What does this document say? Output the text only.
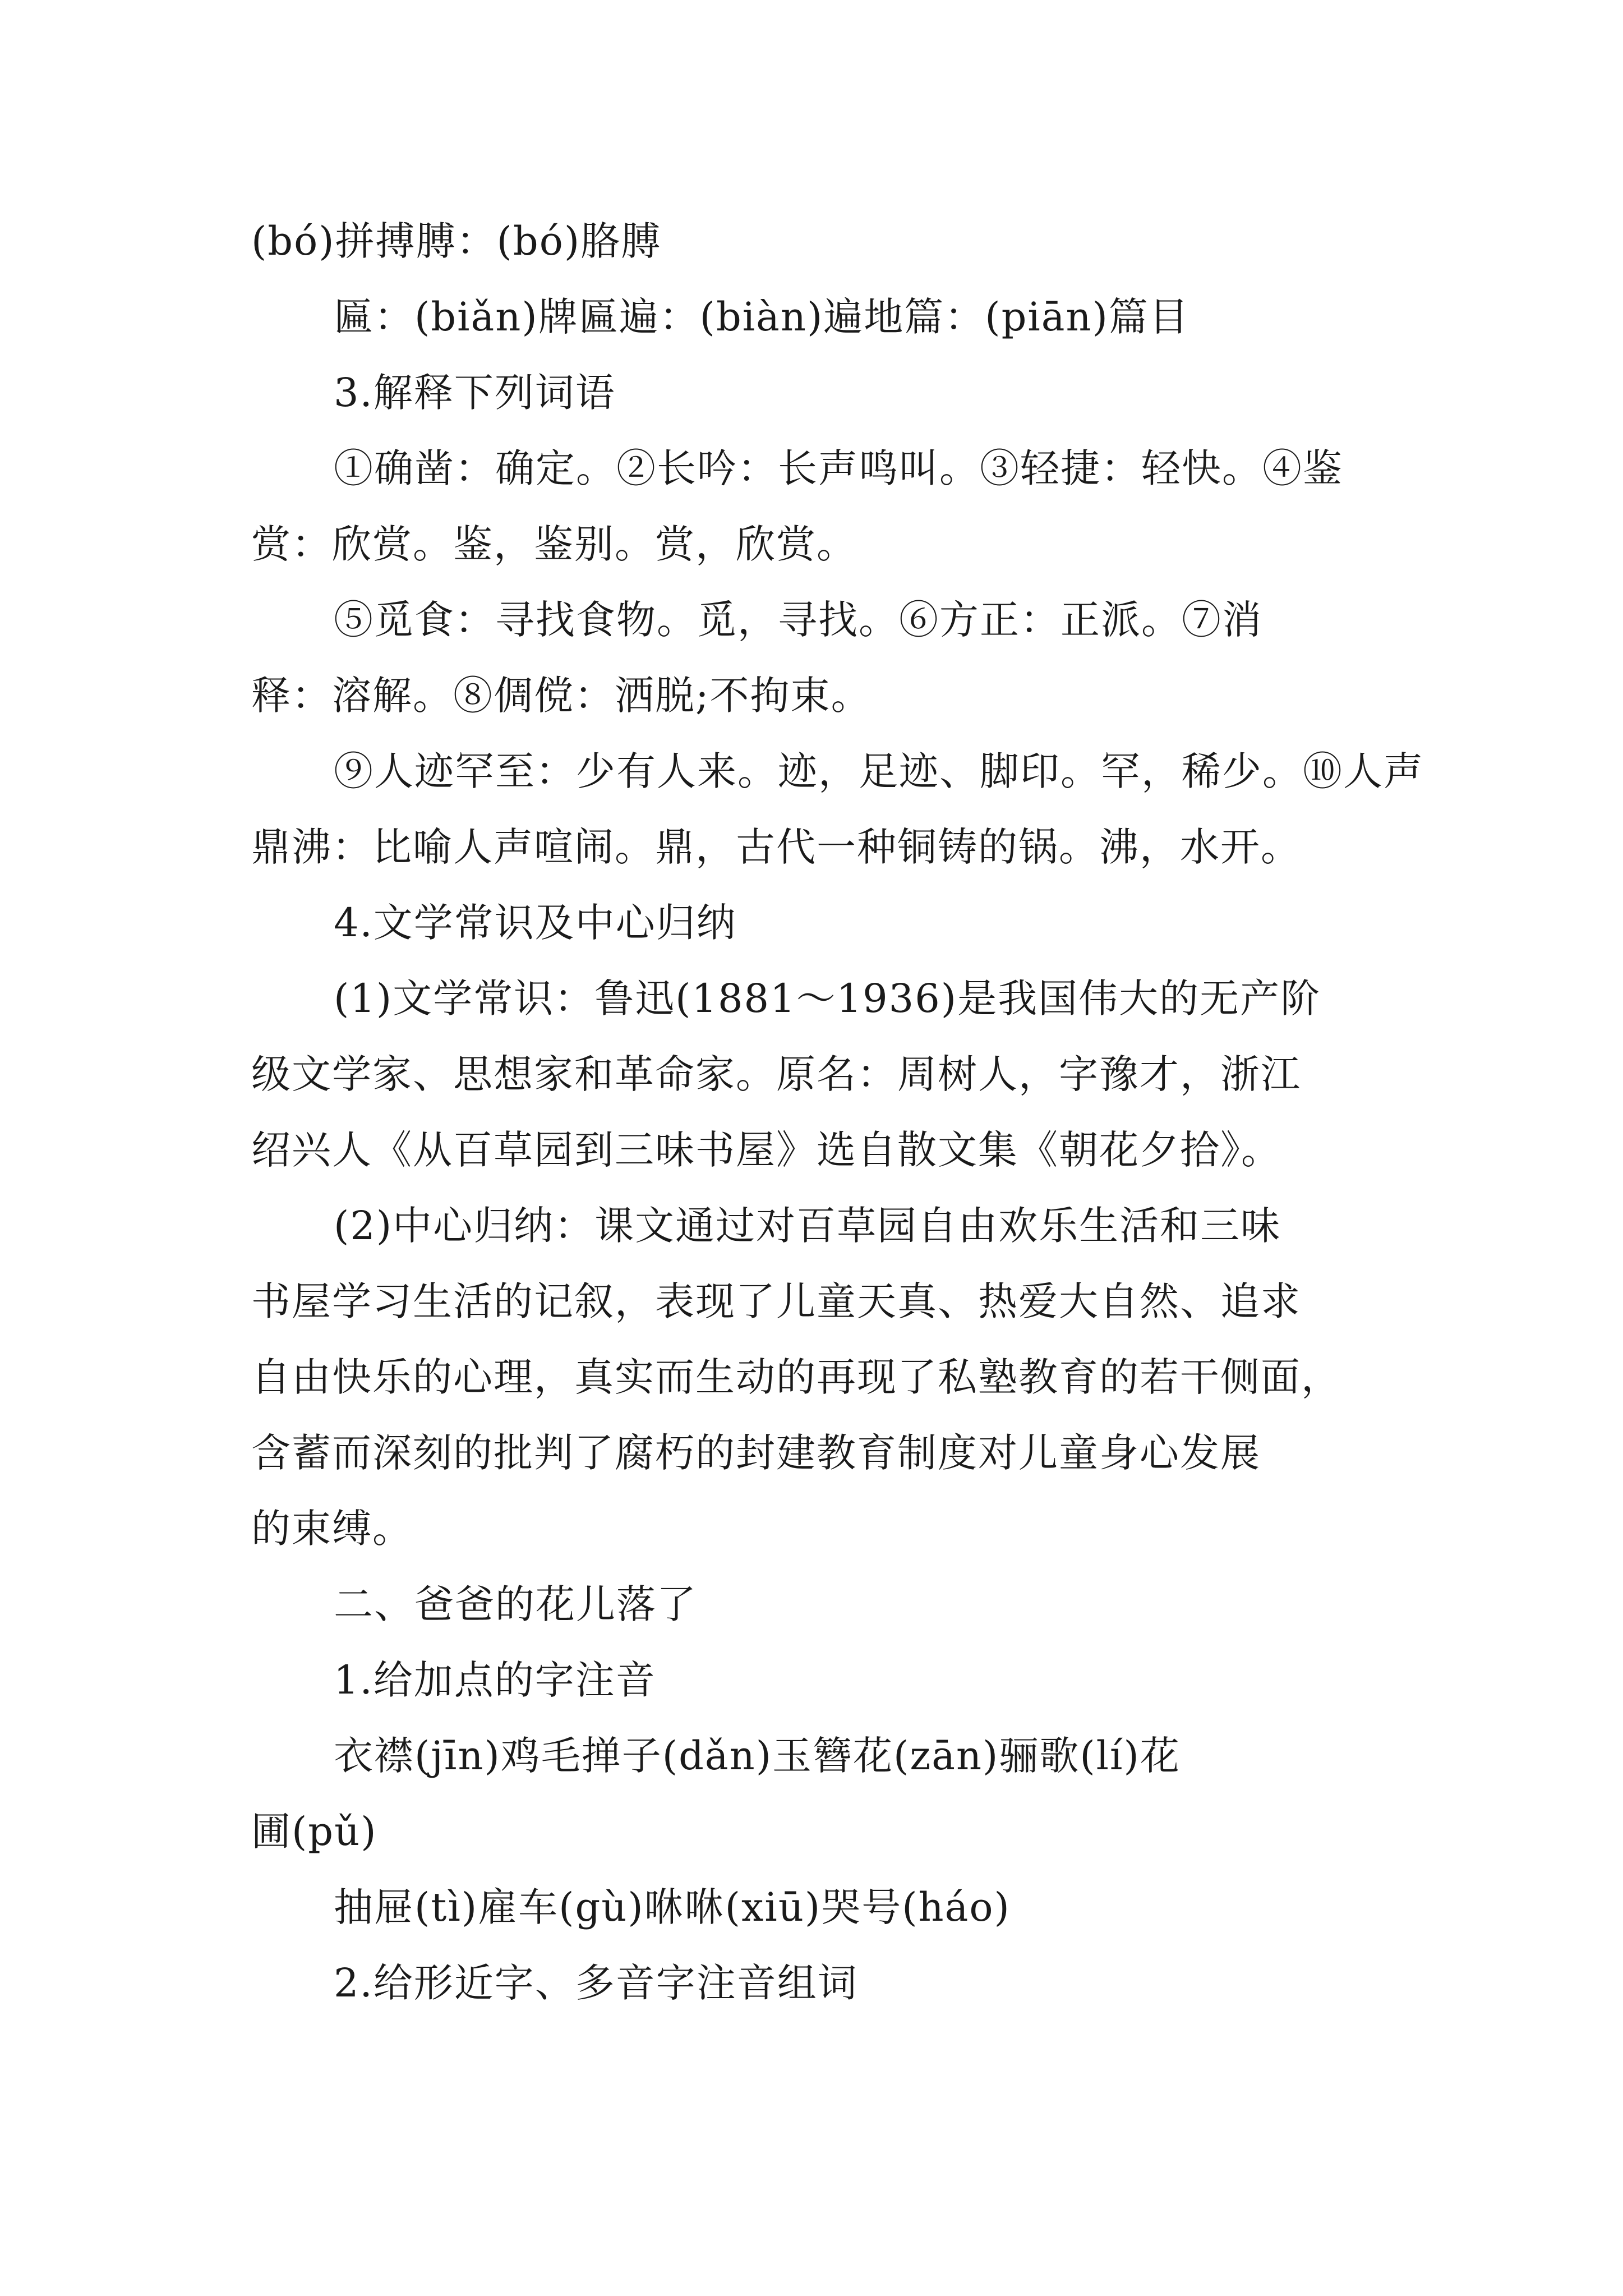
(bó)拼搏膊：(bó)胳膊
匾：(biǎn)牌匾遍：(biàn)遍地篇：(piān)篇目
3.解释下列词语
①确凿：确定。②长吟：长声鸣叫。③轻捷：轻快。④鉴
赏：欣赏。鉴，鉴别。赏，欣赏。
⑤觅食：寻找食物。觅，寻找。⑥方正：正派。⑦消
释：溶解。⑧倜傥：洒脱;不拘束。
⑨人迹罕至：少有人来。迹，足迹、脚印。罕，稀少。⑩人声
鼎沸：比喻人声喧闹。鼎，古代一种铜铸的锅。沸，水开。
4.文学常识及中心归纳
(1)文学常识：鲁迅(1881～1936)是我国伟大的无产阶
级文学家、思想家和革命家。原名：周树人，字豫才，浙江
绍兴人《从百草园到三味书屋》选自散文集《朝花夕拾》。
(2)中心归纳：课文通过对百草园自由欢乐生活和三味
书屋学习生活的记叙，表现了儿童天真、热爱大自然、追求
自由快乐的心理，真实而生动的再现了私塾教育的若干侧面，
含蓄而深刻的批判了腐朽的封建教育制度对儿童身心发展
的束缚。
二、爸爸的花儿落了
1.给加点的字注音
衣襟(jīn)鸡毛掸子(dǎn)玉簪花(zān)骊歌(lí)花
圃(pǔ)
抽屉(tì)雇车(gù)咻咻(xiū)哭号(háo)
2.给形近字、多音字注音组词
